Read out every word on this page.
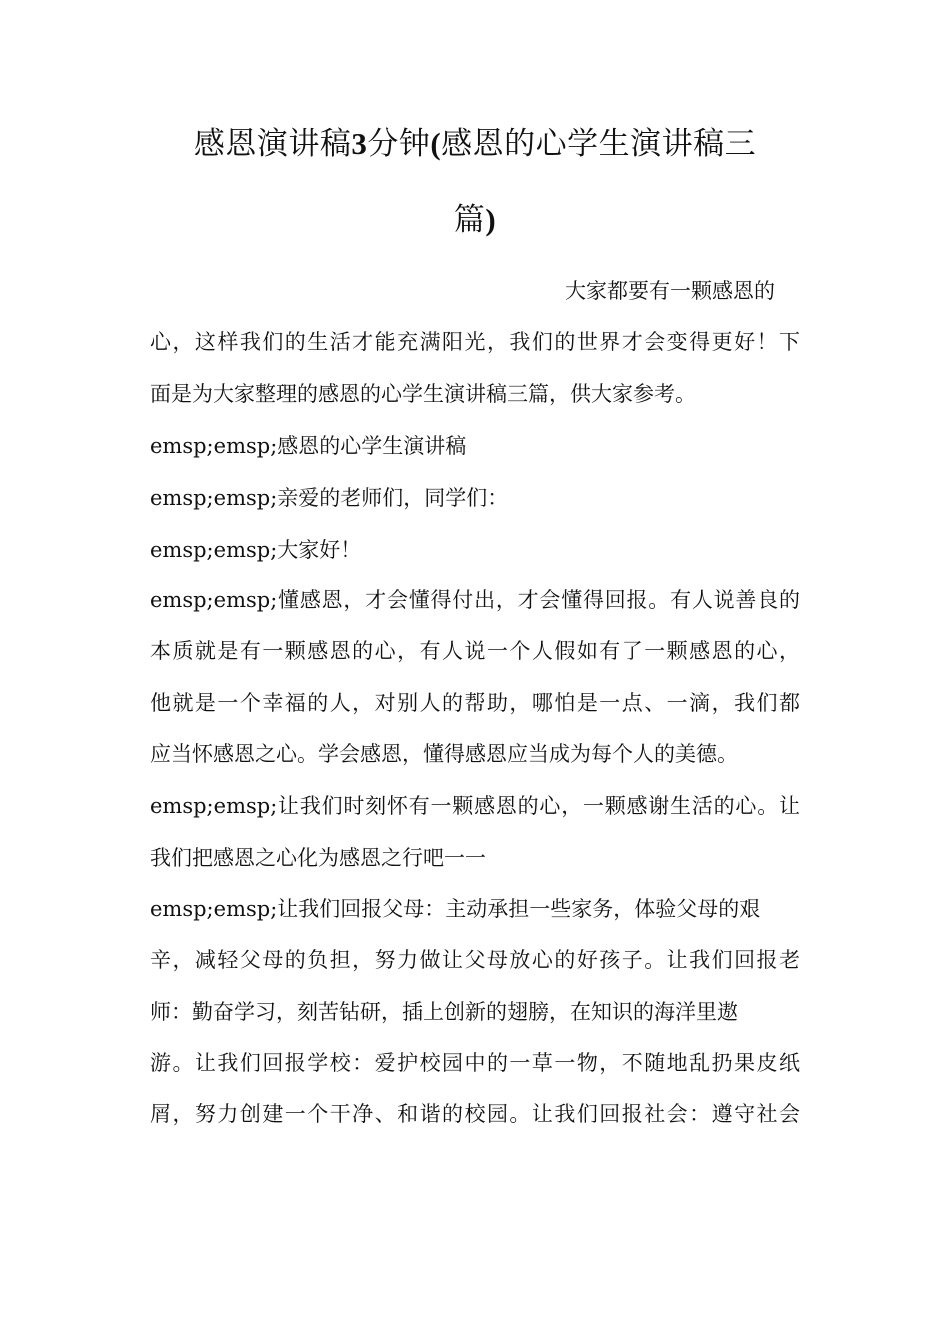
感恩演讲稿3分钟(感恩的心学生演讲稿三
篇)
大家都要有一颗感恩的
心，这样我们的生活才能充满阳光，我们的世界才会变得更好！下
面是为大家整理的感恩的心学生演讲稿三篇，供大家参考。
emsp;emsp;感恩的心学生演讲稿
emsp;emsp;亲爱的老师们，同学们：
emsp;emsp;大家好！
emsp;emsp;懂感恩，才会懂得付出，才会懂得回报。有人说善良的
本质就是有一颗感恩的心，有人说一个人假如有了一颗感恩的心，
他就是一个幸福的人，对别人的帮助，哪怕是一点、一滴，我们都
应当怀感恩之心。学会感恩，懂得感恩应当成为每个人的美德。
emsp;emsp;让我们时刻怀有一颗感恩的心，一颗感谢生活的心。让
我们把感恩之心化为感恩之行吧一一
emsp;emsp;让我们回报父母：主动承担一些家务，体验父母的艰
辛，减轻父母的负担，努力做让父母放心的好孩子。让我们回报老
师：勤奋学习，刻苦钻研，插上创新的翅膀，在知识的海洋里遨
游。让我们回报学校：爱护校园中的一草一物，不随地乱扔果皮纸
屑，努力创建一个干净、和谐的校园。让我们回报社会：遵守社会
